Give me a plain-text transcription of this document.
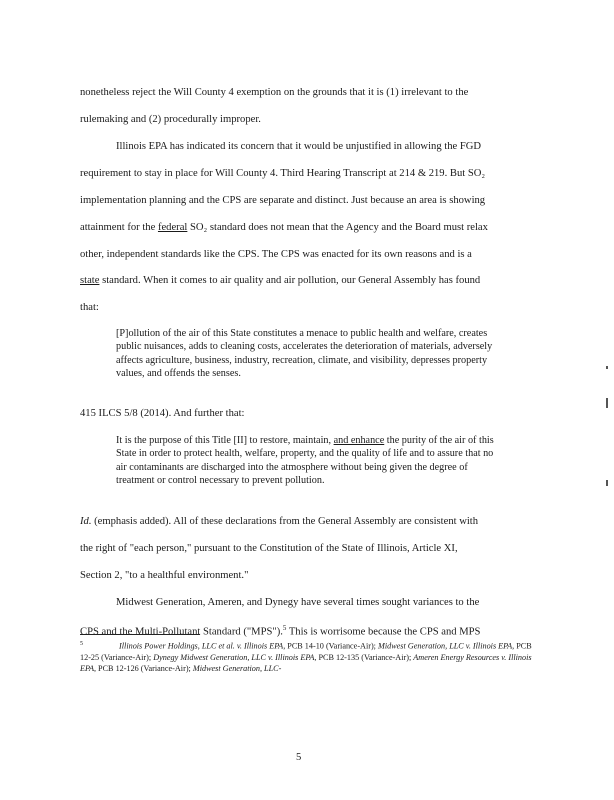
nonetheless reject the Will County 4 exemption on the grounds that it is (1) irrelevant to the
rulemaking and (2) procedurally improper.
Illinois EPA has indicated its concern that it would be unjustified in allowing the FGD
requirement to stay in place for Will County 4. Third Hearing Transcript at 214 & 219. But SO₂
implementation planning and the CPS are separate and distinct. Just because an area is showing
attainment for the federal SO₂ standard does not mean that the Agency and the Board must relax
other, independent standards like the CPS. The CPS was enacted for its own reasons and is a
state standard. When it comes to air quality and air pollution, our General Assembly has found
that:

[P]ollution of the air of this State constitutes a menace to public health and welfare, creates public nuisances, adds to cleaning costs, accelerates the deterioration of materials, adversely affects agriculture, business, industry, recreation, climate, and visibility, depresses property values, and offends the senses.

415 ILCS 5/8 (2014). And further that:

It is the purpose of this Title [II] to restore, maintain, and enhance the purity of the air of this State in order to protect health, welfare, property, and the quality of life and to assure that no air contaminants are discharged into the atmosphere without being given the degree of treatment or control necessary to prevent pollution.

Id. (emphasis added). All of these declarations from the General Assembly are consistent with
the right of "each person," pursuant to the Constitution of the State of Illinois, Article XI,
Section 2, "to a healthful environment."
Midwest Generation, Ameren, and Dynegy have several times sought variances to the
CPS and the Multi-Pollutant Standard ("MPS").$^5$ This is worrisome because the CPS and MPS
$^5$	Illinois Power Holdings, LLC et al. v. Illinois EPA, PCB 14-10 (Variance-Air); Midwest Generation, LLC v. Illinois EPA, PCB 12-25 (Variance-Air); Dynegy Midwest Generation, LLC v. Illinois EPA, PCB 12-135 (Variance-Air); Ameren Energy Resources v. Illinois EPA, PCB 12-126 (Variance-Air); Midwest Generation, LLC-
5
